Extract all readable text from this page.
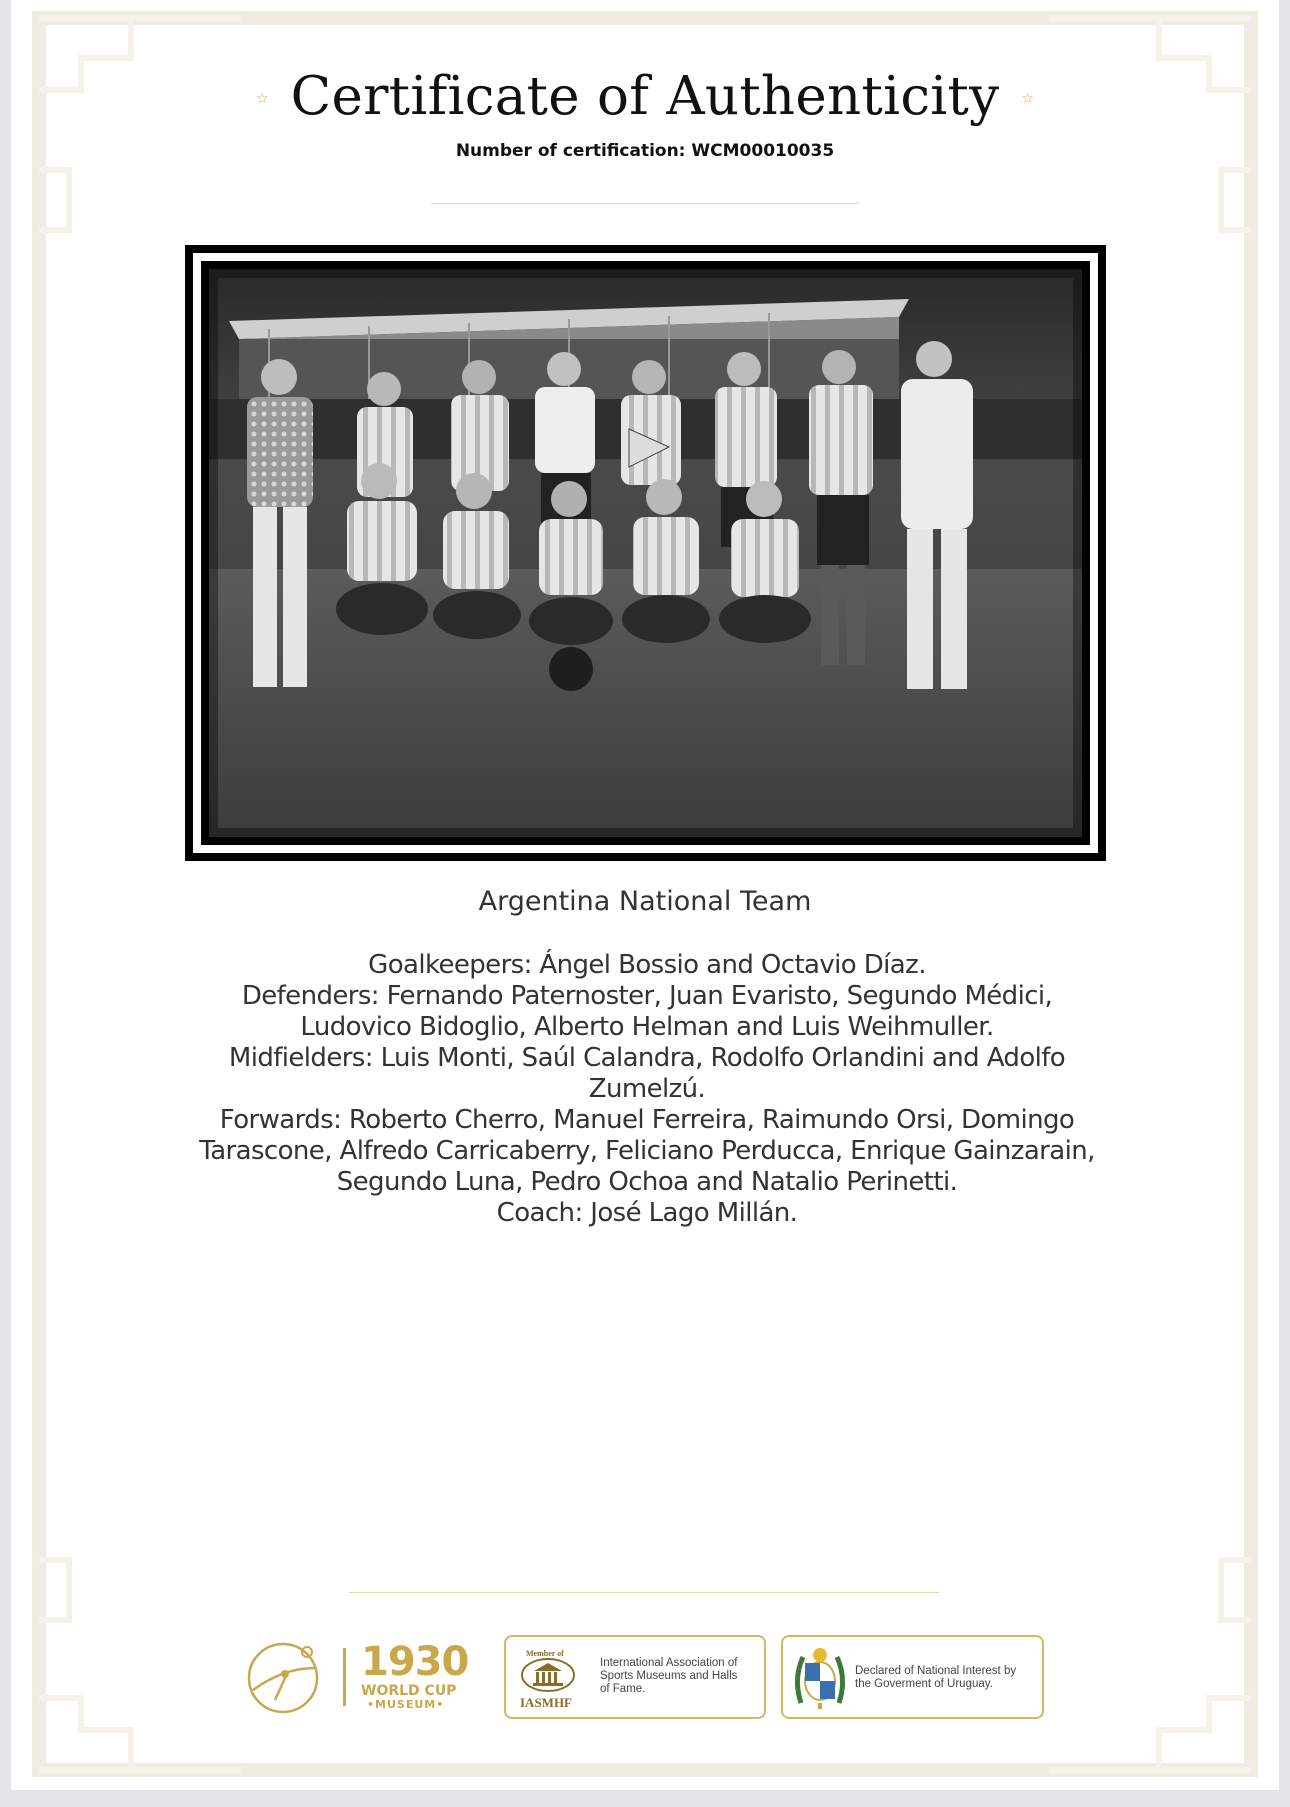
☆ Certificate of Authenticity ☆
Number of certification: WCM00010035
Argentina National Team
Goalkeepers: Ángel Bossio and Octavio Díaz.
Defenders: Fernando Paternoster, Juan Evaristo, Segundo Médici,
Ludovico Bidoglio, Alberto Helman and Luis Weihmuller.
Midfielders: Luis Monti, Saúl Calandra, Rodolfo Orlandini and Adolfo
Zumelzú.
Forwards: Roberto Cherro, Manuel Ferreira, Raimundo Orsi, Domingo
Tarascone, Alfredo Carricaberry, Feliciano Perducca, Enrique Gainzarain,
Segundo Luna, Pedro Ochoa and Natalio Perinetti.
Coach: José Lago Millán.
1930
WORLD CUP
•MUSEUM•
Member of
IASMHF
International Association of
Sports Museums and Halls
of Fame.
Declared of National Interest by
the Goverment of Uruguay.
